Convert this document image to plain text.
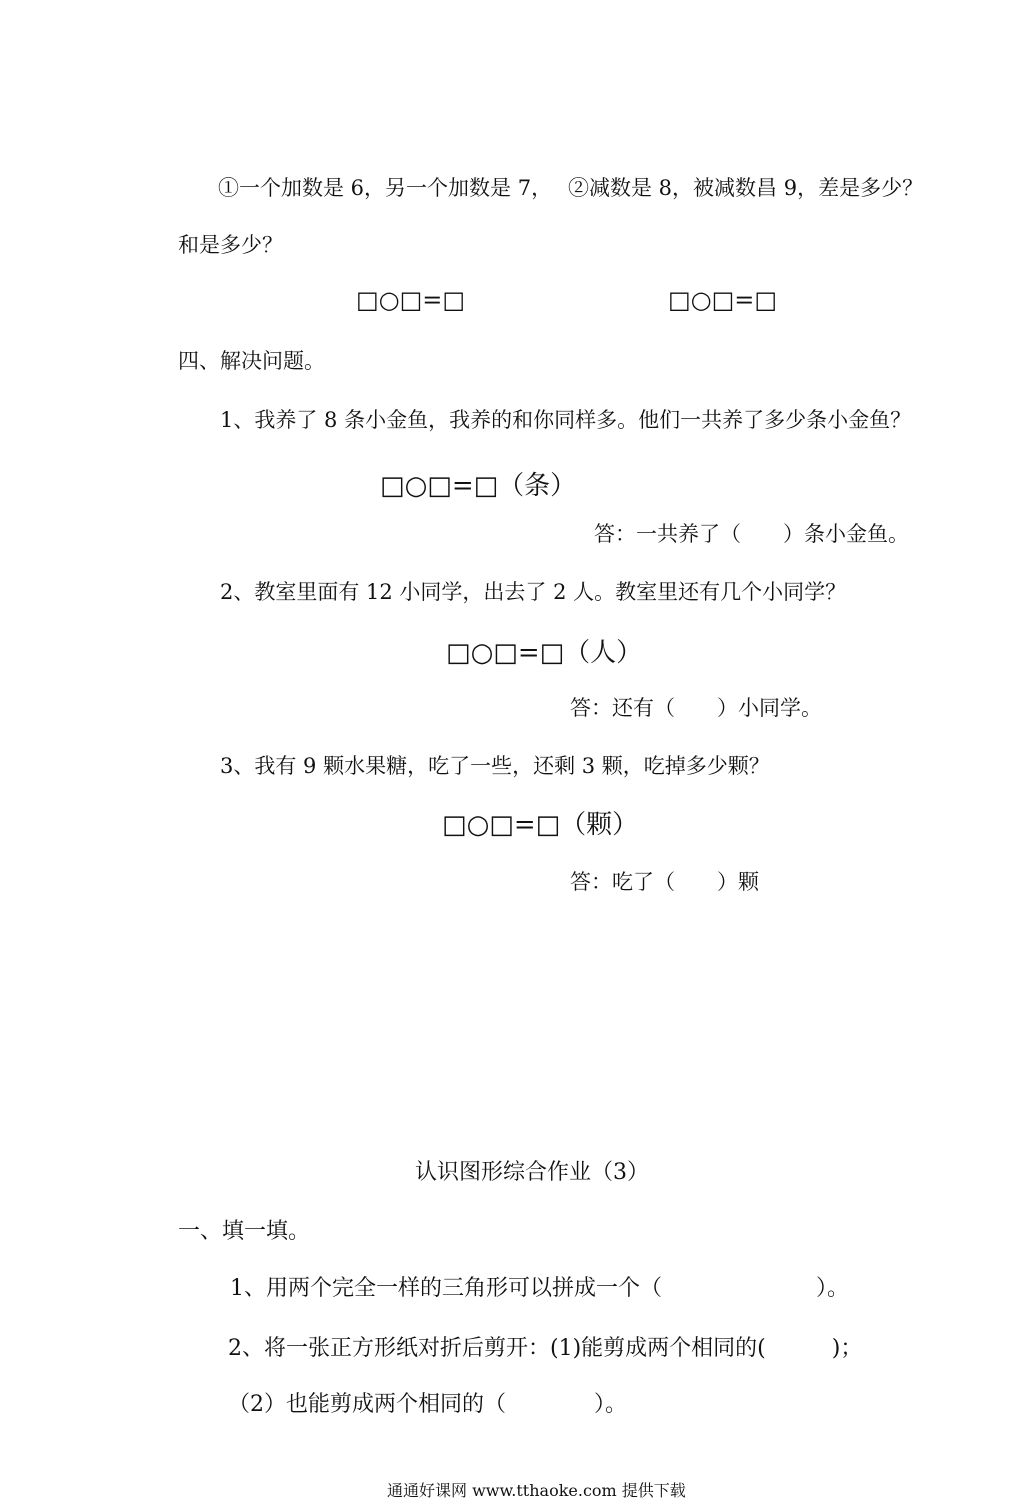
①一个加数是 6，另一个加数是 7， ②减数是 8，被减数昌 9，差是多少？
和是多少？
□○□=□	□○□=□
四、解决问题。
1、我养了 8 条小金鱼，我养的和你同样多。他们一共养了多少条小金鱼？
□○□=□（条）
答：一共养了（　　）条小金鱼。
2、教室里面有 12 小同学，出去了 2 人。教室里还有几个小同学？
□○□=□（人）
答：还有（　　）小同学。
3、我有 9 颗水果糖，吃了一些，还剩 3 颗，吃掉多少颗？
□○□=□（颗）
答：吃了（　　）颗
认识图形综合作业（3）
一、填一填。
1、用两个完全一样的三角形可以拼成一个（　　　　　　　）。
2、将一张正方形纸对折后剪开：(1)能剪成两个相同的(　　　)；
（2）也能剪成两个相同的（　　　　）。
通通好课网 www.tthaoke.com 提供下载
